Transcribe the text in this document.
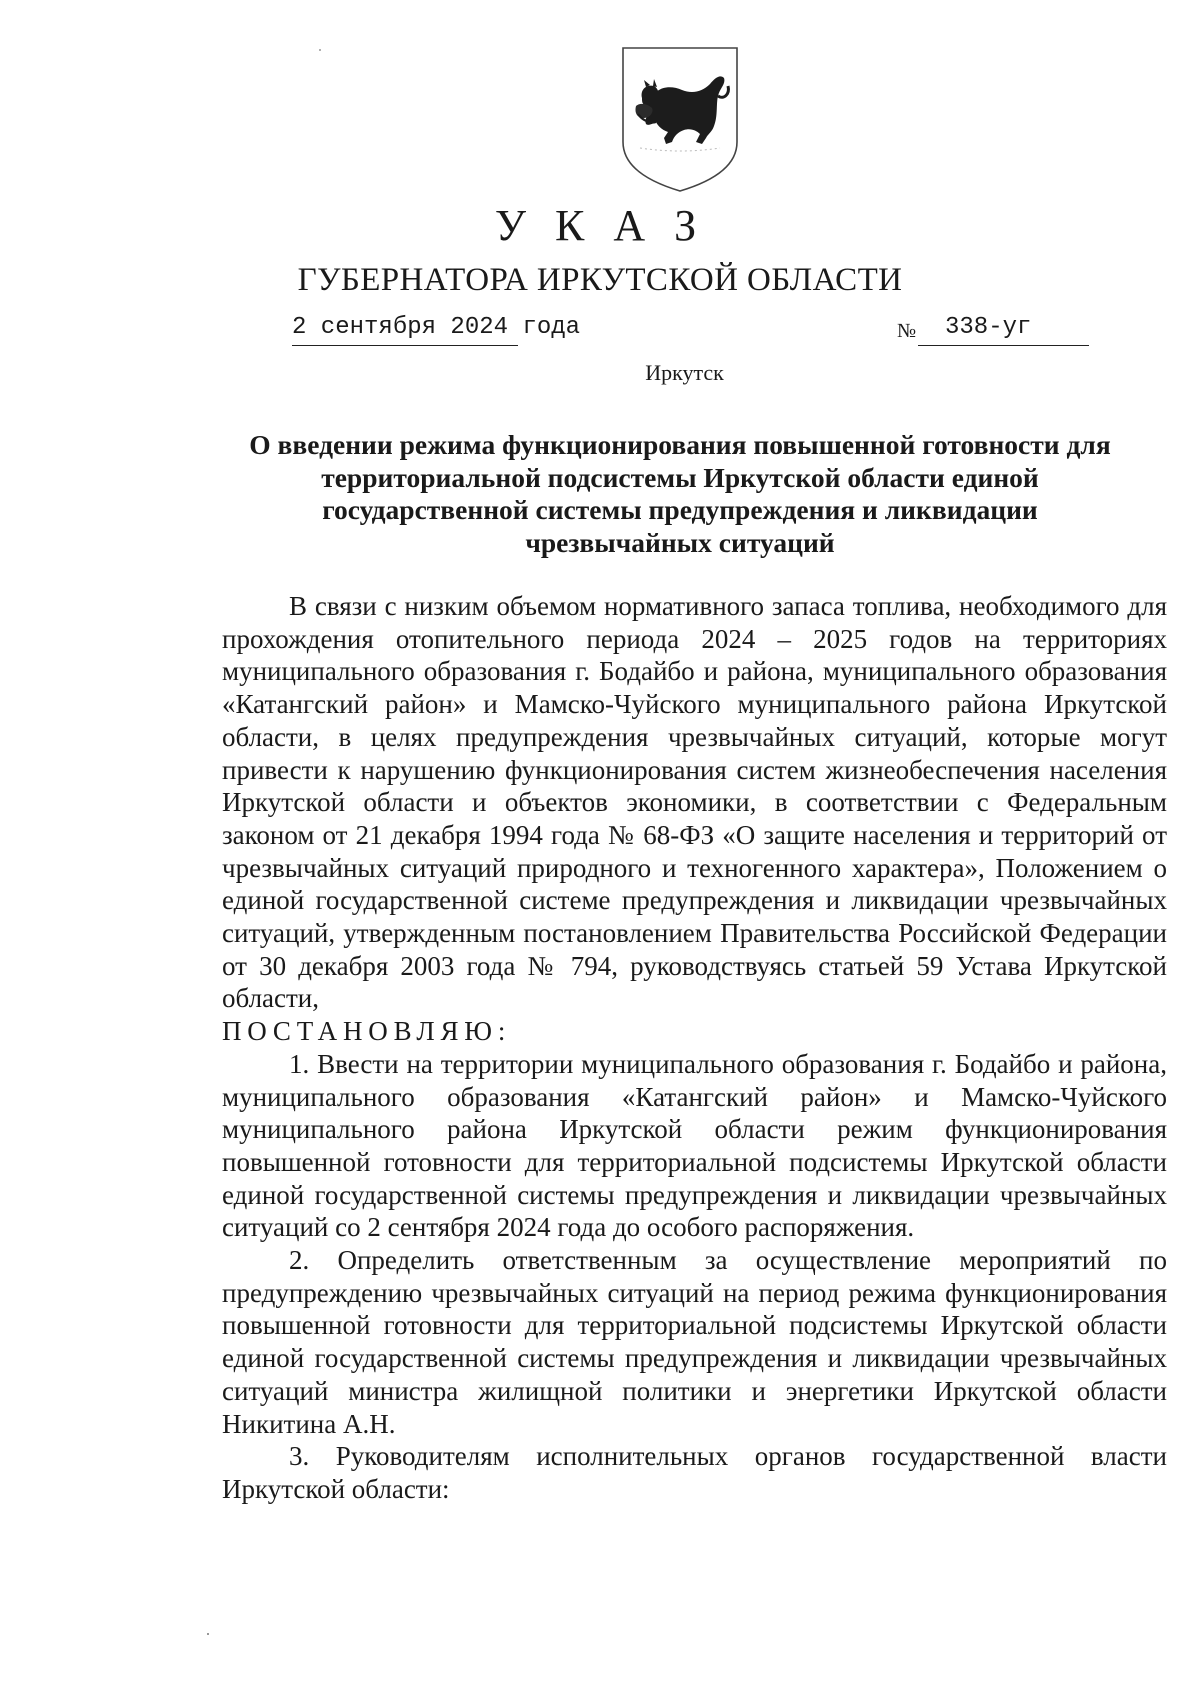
У К А З
ГУБЕРНАТОРА ИРКУТСКОЙ ОБЛАСТИ
2 сентября 2024 года	№ 338-уг
Иркутск
О введении режима функционирования повышенной готовности для территориальной подсистемы Иркутской области единой государственной системы предупреждения и ликвидации чрезвычайных ситуаций

В связи с низким объемом нормативного запаса топлива, необходимого для прохождения отопительного периода 2024 – 2025 годов на территориях муниципального образования г. Бодайбо и района, муниципального образования «Катангский район» и Мамско-Чуйского муниципального района Иркутской области, в целях предупреждения чрезвычайных ситуаций, которые могут привести к нарушению функционирования систем жизнеобеспечения населения Иркутской области и объектов экономики, в соответствии с Федеральным законом от 21 декабря 1994 года № 68-ФЗ «О защите населения и территорий от чрезвычайных ситуаций природного и техногенного характера», Положением о единой государственной системе предупреждения и ликвидации чрезвычайных ситуаций, утвержденным постановлением Правительства Российской Федерации от 30 декабря 2003 года № 794, руководствуясь статьей 59 Устава Иркутской области,

ПОСТАНОВЛЯЮ:

1. Ввести на территории муниципального образования г. Бодайбо и района, муниципального образования «Катангский район» и Мамско-Чуйского муниципального района Иркутской области режим функционирования повышенной готовности для территориальной подсистемы Иркутской области единой государственной системы предупреждения и ликвидации чрезвычайных ситуаций со 2 сентября 2024 года до особого распоряжения.

2. Определить ответственным за осуществление мероприятий по предупреждению чрезвычайных ситуаций на период режима функционирования повышенной готовности для территориальной подсистемы Иркутской области единой государственной системы предупреждения и ликвидации чрезвычайных ситуаций министра жилищной политики и энергетики Иркутской области Никитина А.Н.

3. Руководителям исполнительных органов государственной власти Иркутской области:
